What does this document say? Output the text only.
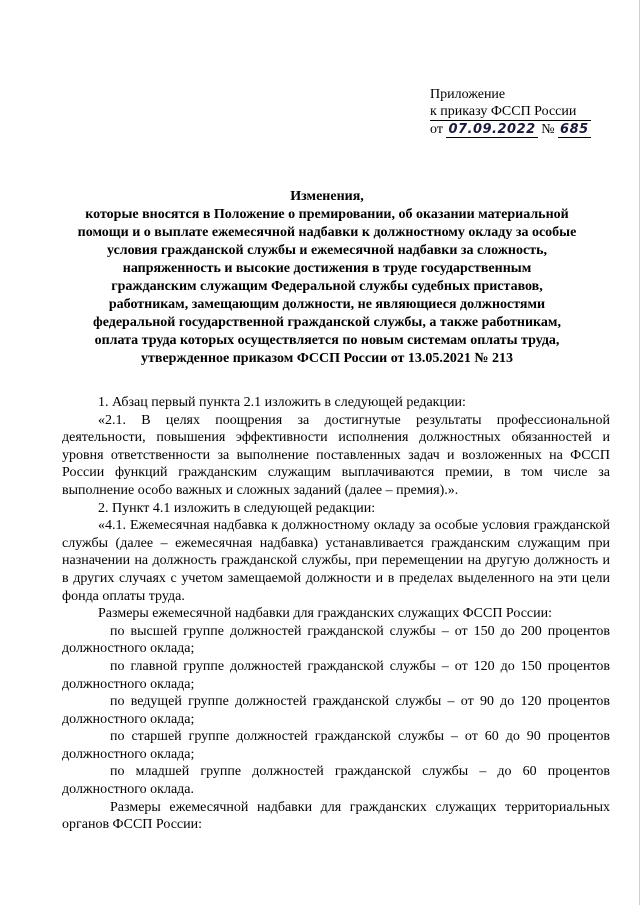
Приложение
к приказу ФССП России
от 07.09.2022 № 685
Изменения,
которые вносятся в Положение о премировании, об оказании материальной
помощи и о выплате ежемесячной надбавки к должностному окладу за особые
условия гражданской службы и ежемесячной надбавки за сложность,
напряженность и высокие достижения в труде государственным
гражданским служащим Федеральной службы судебных приставов,
работникам, замещающим должности, не являющиеся должностями
федеральной государственной гражданской службы, а также работникам,
оплата труда которых осуществляется по новым системам оплаты труда,
утвержденное приказом ФССП России от 13.05.2021 № 213

1. Абзац первый пункта 2.1 изложить в следующей редакции:

«2.1. В целях поощрения за достигнутые результаты профессиональной деятельности, повышения эффективности исполнения должностных обязанностей и уровня ответственности за выполнение поставленных задач и возложенных на ФССП России функций гражданским служащим выплачиваются премии, в том числе за выполнение особо важных и сложных заданий (далее – премия).».

2. Пункт 4.1 изложить в следующей редакции:

«4.1. Ежемесячная надбавка к должностному окладу за особые условия гражданской службы (далее – ежемесячная надбавка) устанавливается гражданским служащим при назначении на должность гражданской службы, при перемещении на другую должность и в других случаях с учетом замещаемой должности и в пределах выделенного на эти цели фонда оплаты труда.

Размеры ежемесячной надбавки для гражданских служащих ФССП России:

по высшей группе должностей гражданской службы – от 150 до 200 процентов должностного оклада;

по главной группе должностей гражданской службы – от 120 до 150 процентов должностного оклада;

по ведущей группе должностей гражданской службы – от 90 до 120 процентов должностного оклада;

по старшей группе должностей гражданской службы – от 60 до 90 процентов должностного оклада;

по младшей группе должностей гражданской службы – до 60 процентов должностного оклада.

Размеры ежемесячной надбавки для гражданских служащих территориальных органов ФССП России:
